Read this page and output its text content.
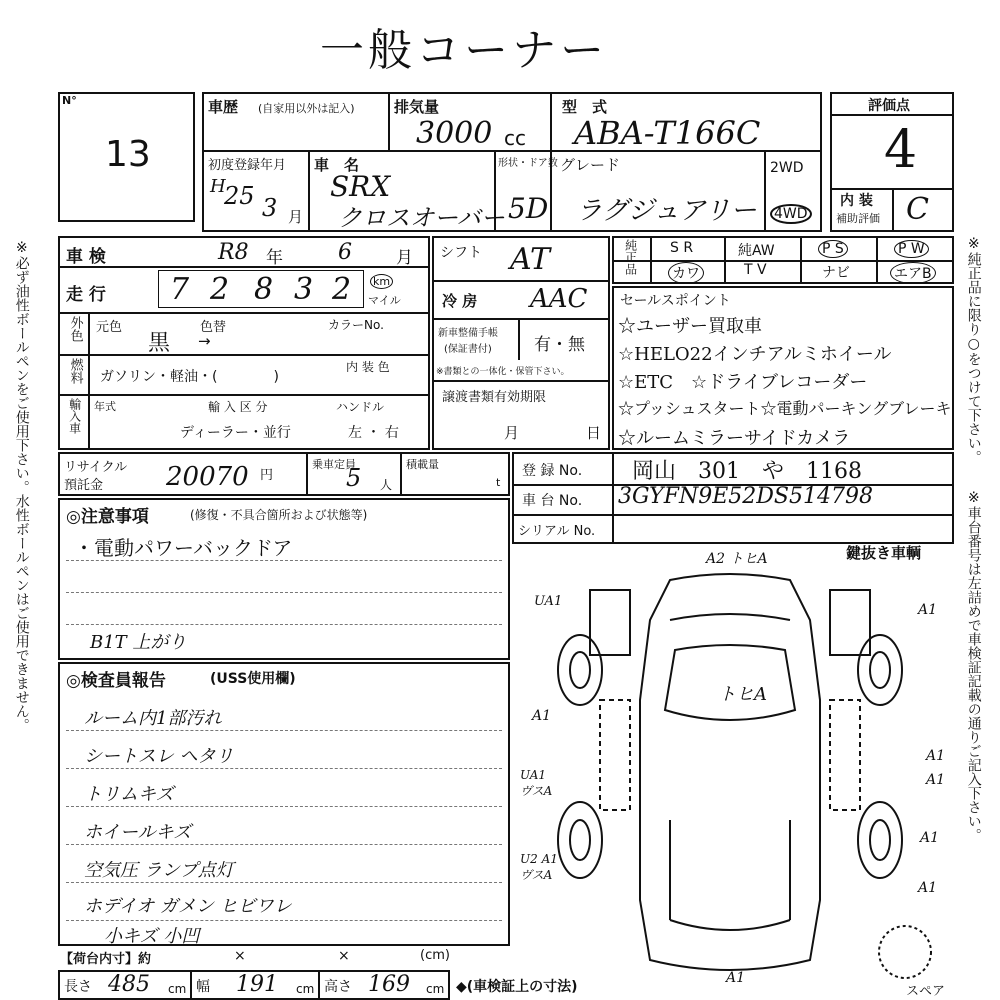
一般コーナー
※必ず油性ボールペンをご使用下さい。水性ボールペンはご使用できません。
N°
13
車歴 (自家用以外は記入)	排気量
3000 cc
型　式
ABA-T166C
初度登録年月
H
25 3 月
車　名
SRX
クロスオーバー
形状・ドア数
5D
グレード
ラグジュアリー
2WD
4WD
評価点
4
内 装
補助評価 C
※純正品に限り○をつけて下さい。
※車台番号は左詰めで車検証記載の通りご記入下さい。
車 検	R8 年	6	月
走 行 7 2 8 3 2 km
マイル
外色 元色
黒
色替
→
カラーNo.
燃料 ガソリン・軽油・(　　　　)
内 装 色
輸入車 年式	輸 入 区 分
ディーラー・並行
ハンドル
左 ・ 右
リサイクル
預託金 20070 円
乗車定員
5 人
積載量
t
シフト AT
冷 房 AAC
新車整備手帳
(保証書付) 有・無
※書類との一体化・保管下さい。
譲渡書類有効期限
月	日
純正品 S R	純AW	P S	P W
カワ	T V	ナビ	エアB
セールスポイント
☆ユーザー買取車
☆HELO22インチアルミホイール
☆ETC　☆ドライブレコーダー
☆プッシュスタート☆電動パーキングブレーキ
☆ルームミラーサイドカメラ
登 録 No. 岡山　301　や　1168
車 台 No. 3GYFN9E52DS514798
シリアル No.
◎注意事項	(修復・不具合箇所および状態等)
・電動パワーバックドア
B1T 上がり
◎検査員報告	(USS使用欄)
ルーム内1部汚れ
シートスレ ヘタリ
トリムキズ
ホイールキズ
空気圧 ランプ点灯
ホデイオ ガメン ヒビワレ
小キズ 小凹
【荷台内寸】約	×	×	(cm)
長さ 485 cm 幅 191 cm 高さ 169 cm ◆(車検証上の寸法)
鍵抜き車輌
A2 トヒA
UA1
A1
トヒA
A1
A1
A1
UA1 ヴスA
A1
U2 A1 ヴスA
A1
A1
スペア
